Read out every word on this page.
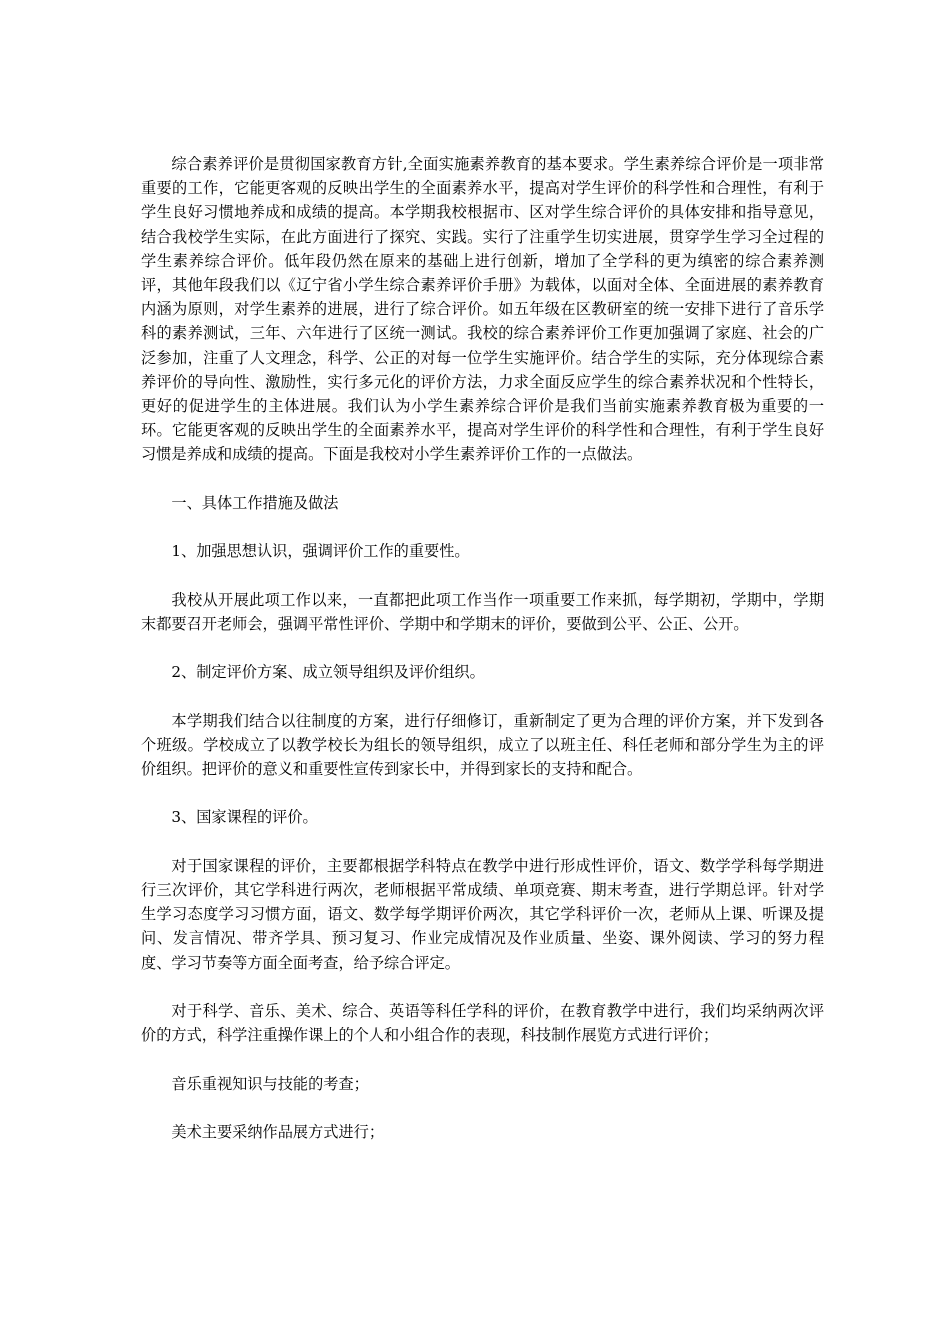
综合素养评价是贯彻国家教育方针,全面实施素养教育的基本要求。学生素养综合评价是一项非常重要的工作，它能更客观的反映出学生的全面素养水平，提高对学生评价的科学性和合理性，有利于学生良好习惯地养成和成绩的提高。本学期我校根据市、区对学生综合评价的具体安排和指导意见，结合我校学生实际，在此方面进行了探究、实践。实行了注重学生切实进展，贯穿学生学习全过程的学生素养综合评价。低年段仍然在原来的基础上进行创新，增加了全学科的更为缜密的综合素养测评，其他年段我们以《辽宁省小学生综合素养评价手册》为载体，以面对全体、全面进展的素养教育内涵为原则，对学生素养的进展，进行了综合评价。如五年级在区教研室的统一安排下进行了音乐学科的素养测试，三年、六年进行了区统一测试。我校的综合素养评价工作更加强调了家庭、社会的广泛参加，注重了人文理念，科学、公正的对每一位学生实施评价。结合学生的实际，充分体现综合素养评价的导向性、激励性，实行多元化的评价方法，力求全面反应学生的综合素养状况和个性特长，更好的促进学生的主体进展。我们认为小学生素养综合评价是我们当前实施素养教育极为重要的一环。它能更客观的反映出学生的全面素养水平，提高对学生评价的科学性和合理性，有利于学生良好习惯是养成和成绩的提高。下面是我校对小学生素养评价工作的一点做法。

一、具体工作措施及做法

1、加强思想认识，强调评价工作的重要性。

我校从开展此项工作以来，一直都把此项工作当作一项重要工作来抓，每学期初，学期中，学期末都要召开老师会，强调平常性评价、学期中和学期末的评价，要做到公平、公正、公开。

2、制定评价方案、成立领导组织及评价组织。

本学期我们结合以往制度的方案，进行仔细修订，重新制定了更为合理的评价方案，并下发到各个班级。学校成立了以教学校长为组长的领导组织，成立了以班主任、科任老师和部分学生为主的评价组织。把评价的意义和重要性宣传到家长中，并得到家长的支持和配合。

3、国家课程的评价。

对于国家课程的评价，主要都根据学科特点在教学中进行形成性评价，语文、数学学科每学期进行三次评价，其它学科进行两次，老师根据平常成绩、单项竞赛、期末考查，进行学期总评。针对学生学习态度学习习惯方面，语文、数学每学期评价两次，其它学科评价一次，老师从上课、听课及提问、发言情况、带齐学具、预习复习、作业完成情况及作业质量、坐姿、课外阅读、学习的努力程度、学习节奏等方面全面考查，给予综合评定。

对于科学、音乐、美术、综合、英语等科任学科的评价，在教育教学中进行，我们均采纳两次评价的方式，科学注重操作课上的个人和小组合作的表现，科技制作展览方式进行评价；

音乐重视知识与技能的考查；

美术主要采纳作品展方式进行；
